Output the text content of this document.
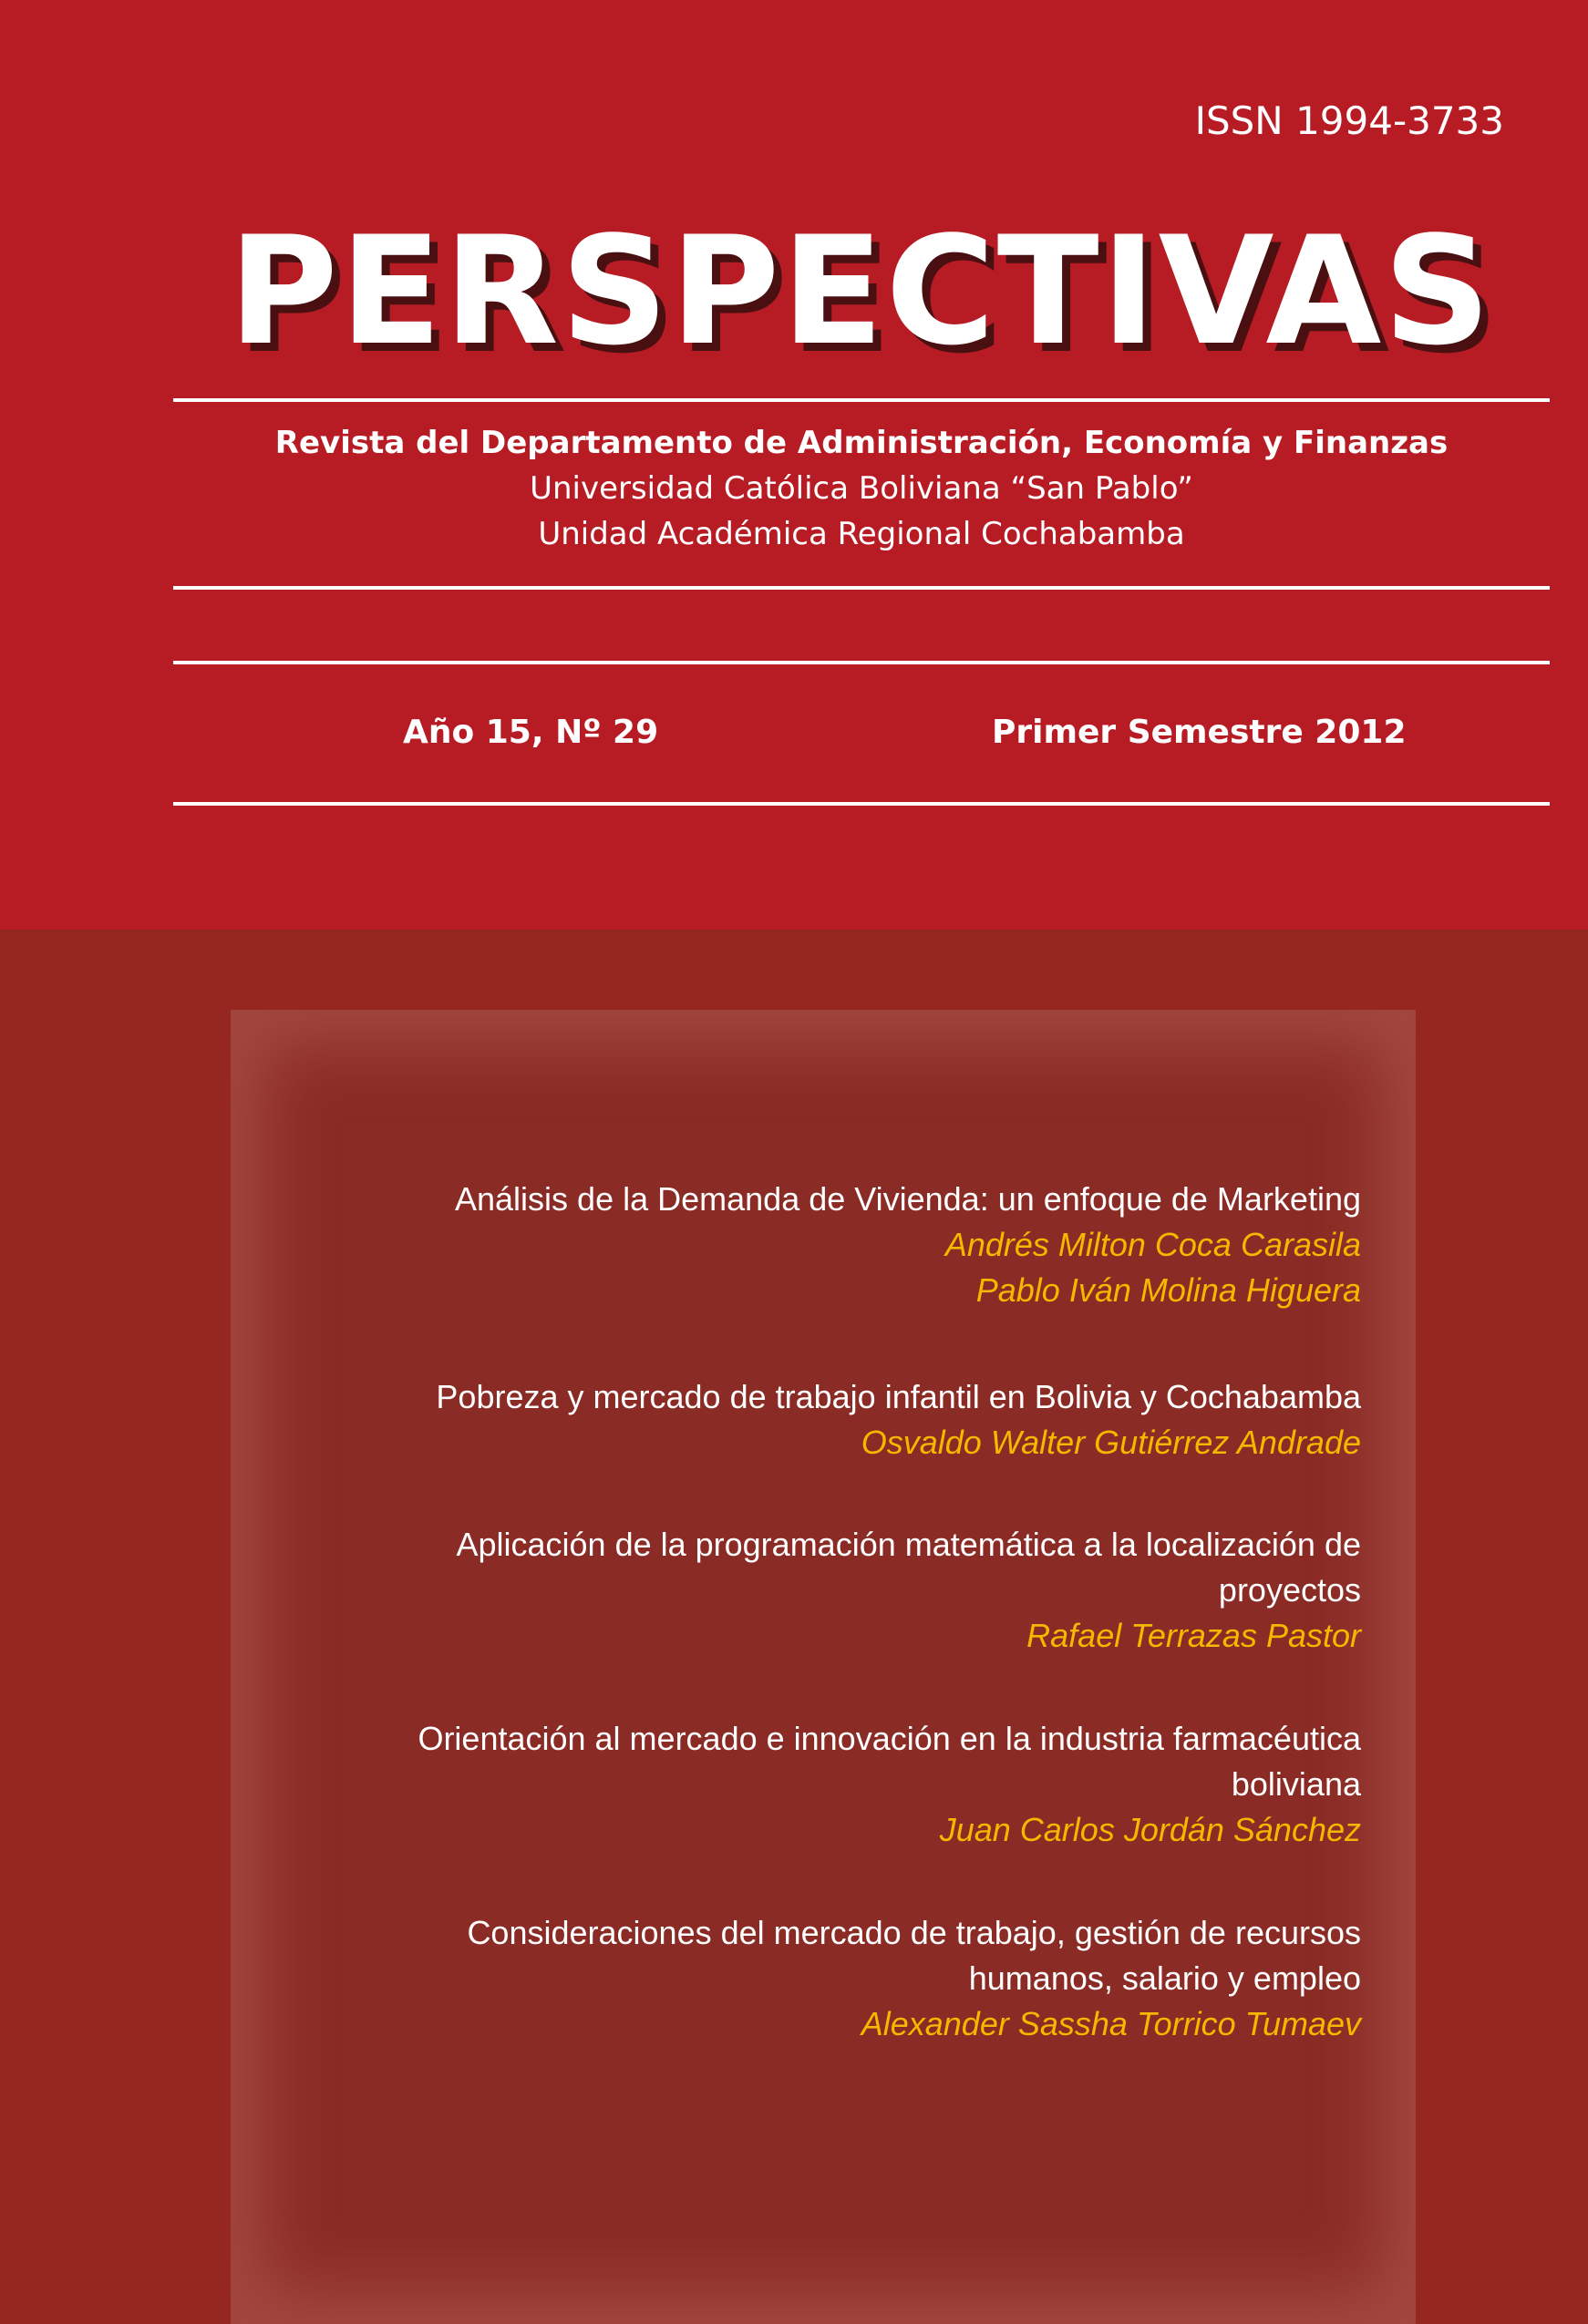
ISSN 1994-3733
PERSPECTIVAS
Revista del Departamento de Administración, Economía y Finanzas
Universidad Católica Boliviana “San Pablo”
Unidad Académica Regional Cochabamba
Año 15, Nº 29	Primer Semestre 2012
Análisis de la Demanda de Vivienda: un enfoque de Marketing
Andrés Milton Coca Carasila
Pablo Iván Molina Higuera
Pobreza y mercado de trabajo infantil en Bolivia y Cochabamba
Osvaldo Walter Gutiérrez Andrade
Aplicación de la programación matemática a la localización de
proyectos
Rafael Terrazas Pastor
Orientación al mercado e innovación en la industria farmacéutica
boliviana
Juan Carlos Jordán Sánchez
Consideraciones del mercado de trabajo, gestión de recursos
humanos, salario y empleo
Alexander Sassha Torrico Tumaev
